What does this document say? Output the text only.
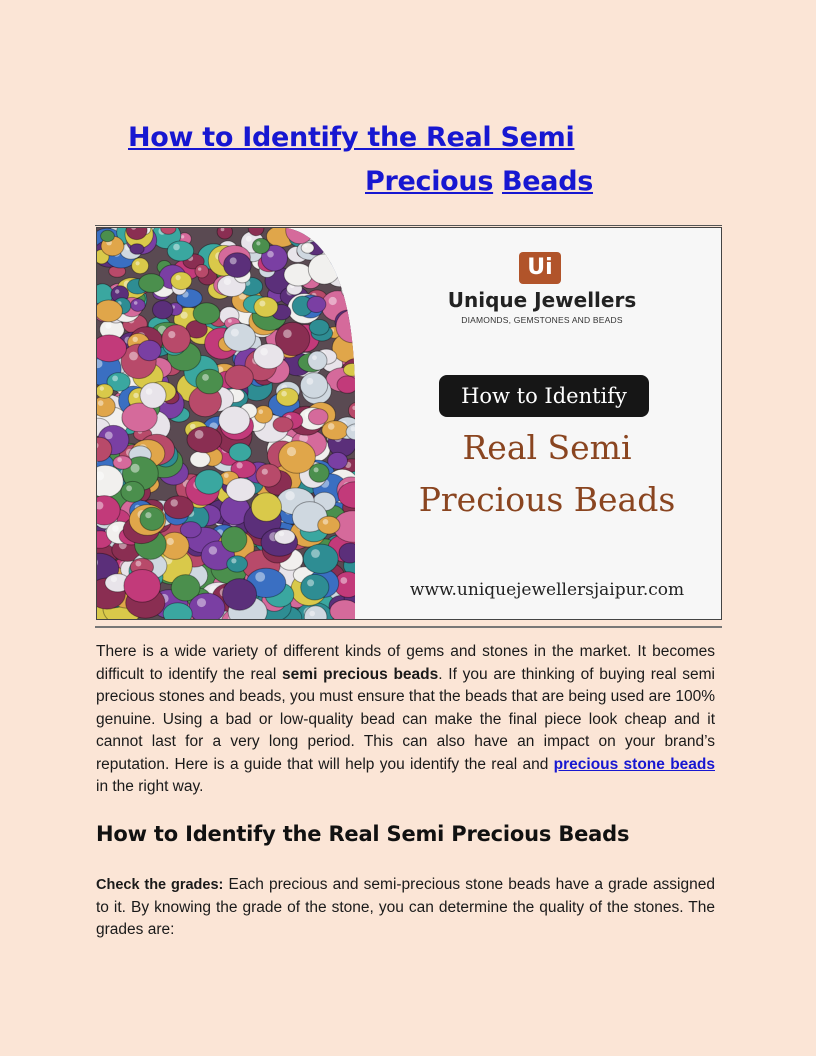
How to Identify the Real Semi
Precious Beads
Ui
Unique Jewellers
DIAMONDS, GEMSTONES AND BEADS
How to Identify
Real Semi
Precious Beads
www.uniquejewellersjaipur.com

There is a wide variety of different kinds of gems and stones in the market. It becomes difficult to identify the real semi precious beads. If you are thinking of buying real semi precious stones and beads, you must ensure that the beads that are being used are 100% genuine. Using a bad or low-quality bead can make the final piece look cheap and it cannot last for a very long period. This can also have an impact on your brand’s reputation. Here is a guide that will help you identify the real and precious stone beads in the right way.

How to Identify the Real Semi Precious Beads

Check the grades: Each precious and semi-precious stone beads have a grade assigned to it. By knowing the grade of the stone, you can determine the quality of the stones. The grades are:
